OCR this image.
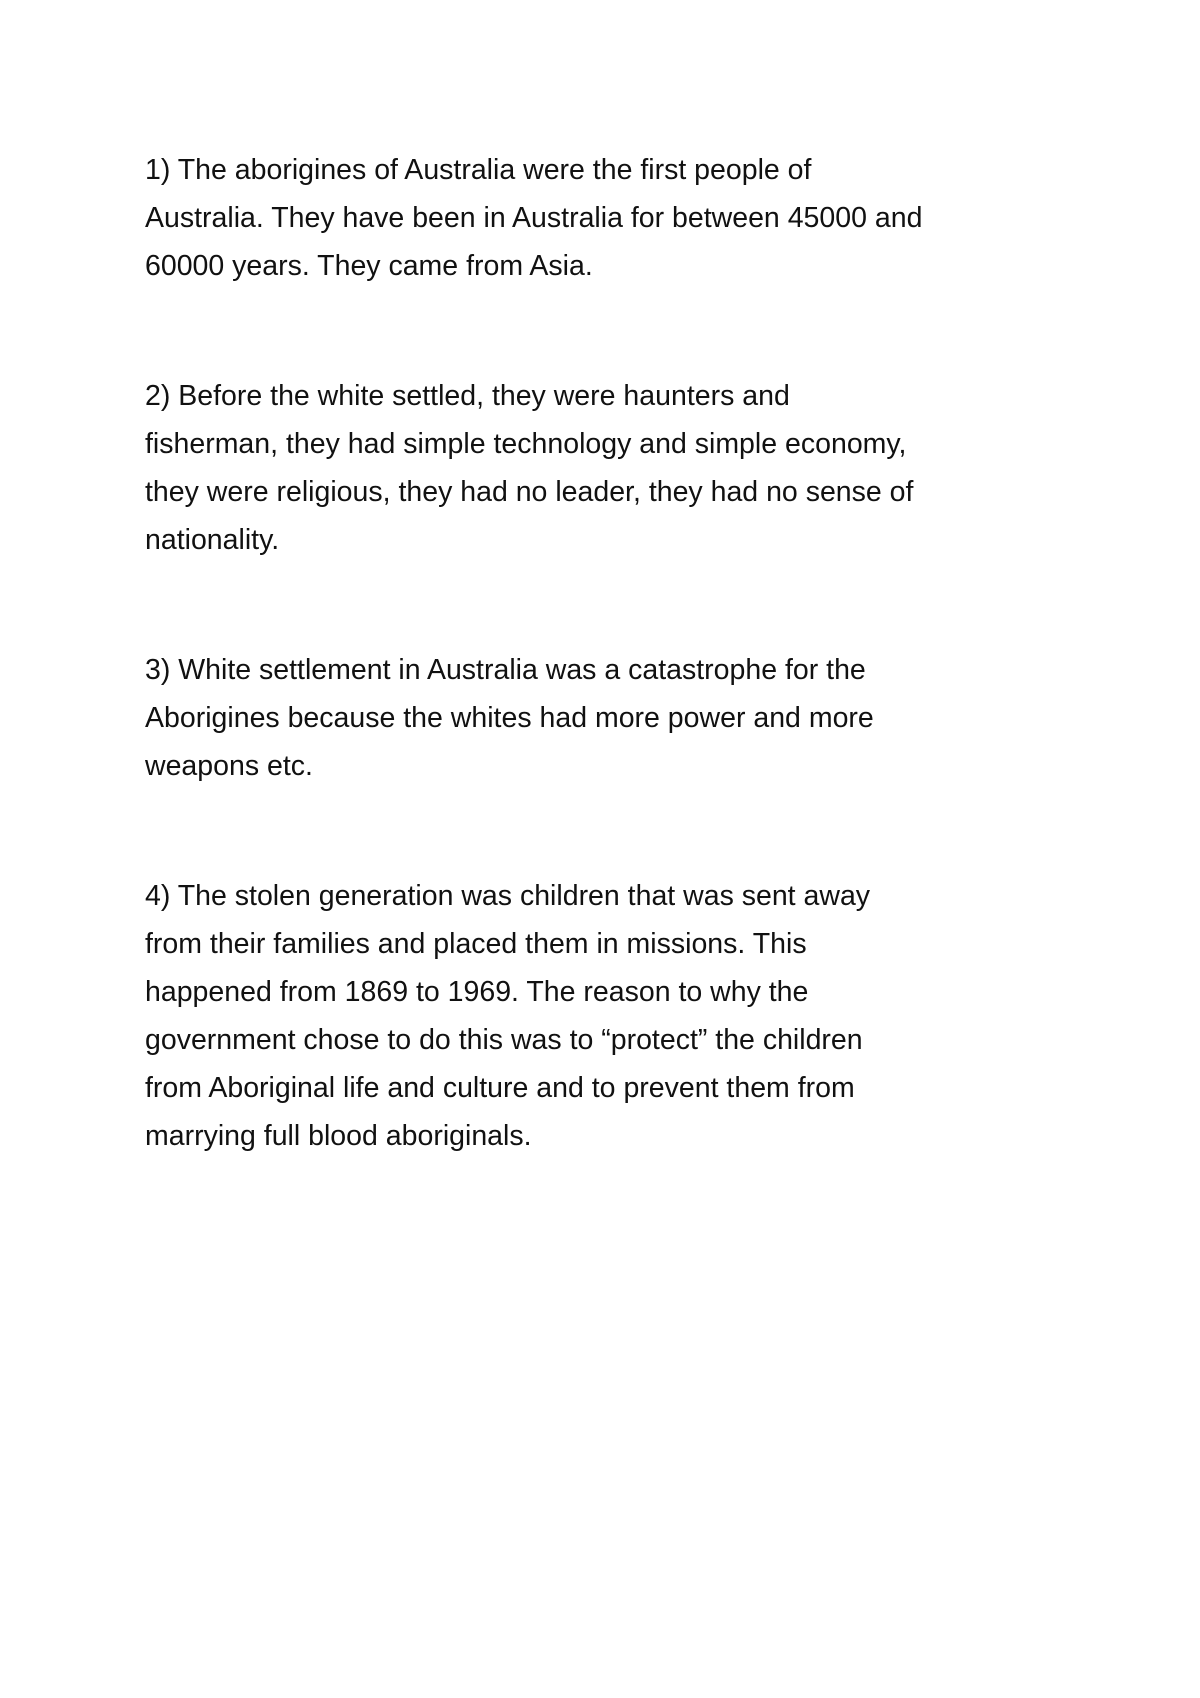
1) The aborigines of Australia were the first people of
Australia. They have been in Australia for between 45000 and
60000 years. They came from Asia.

2) Before the white settled, they were haunters and
fisherman, they had simple technology and simple economy,
they were religious, they had no leader, they had no sense of
nationality.

3) White settlement in Australia was a catastrophe for the
Aborigines because the whites had more power and more
weapons etc.

4) The stolen generation was children that was sent away
from their families and placed them in missions. This
happened from 1869 to 1969. The reason to why the
government chose to do this was to “protect” the children
from Aboriginal life and culture and to prevent them from
marrying full blood aboriginals.
